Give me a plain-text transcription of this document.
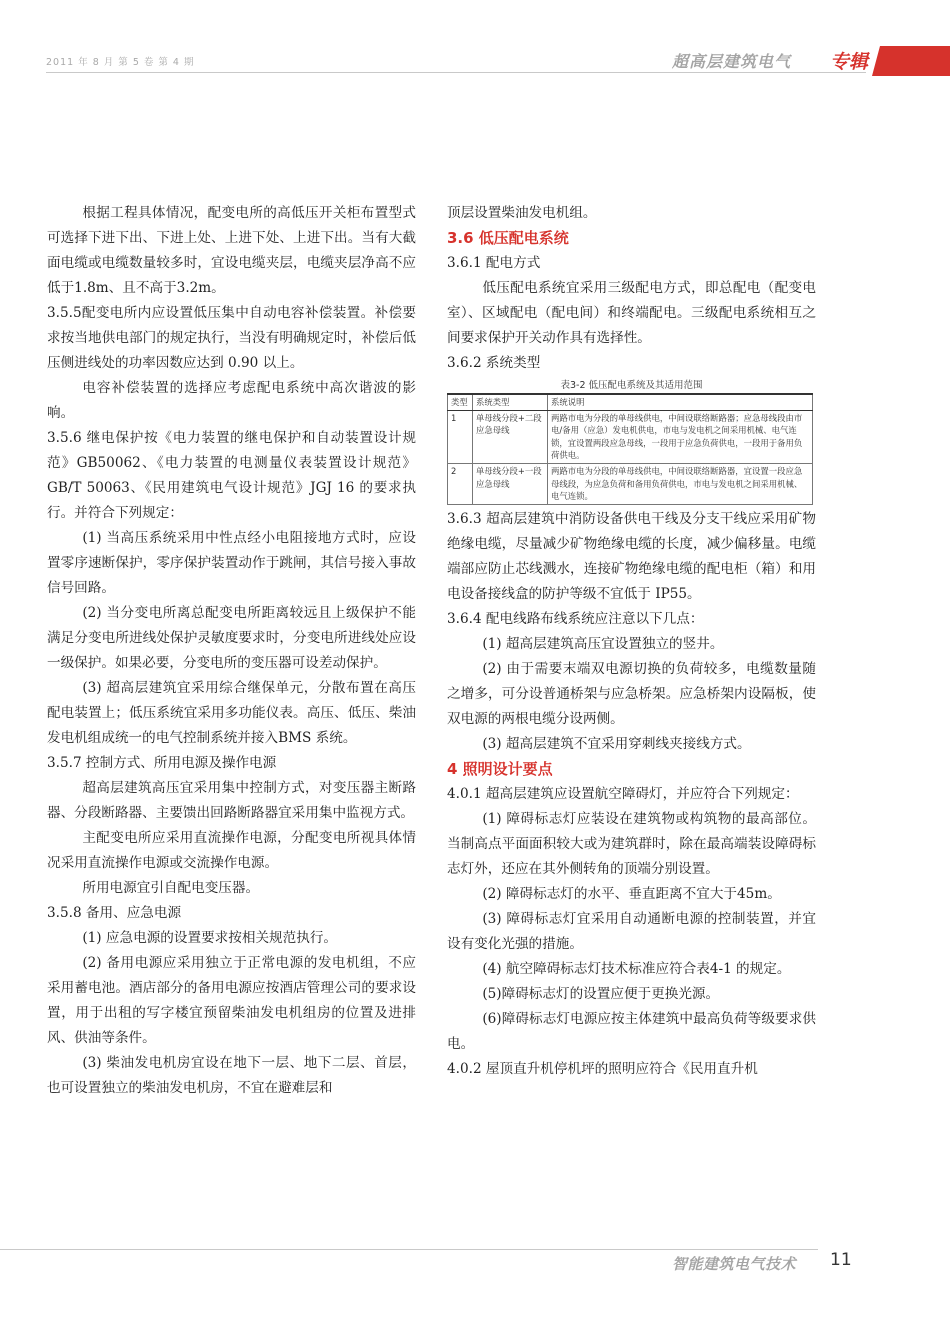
2011 年 8 月 第 5 卷 第 4 期	超高层建筑电气 专辑

根据工程具体情况，配变电所的高低压开关柜布置型式可选择下进下出、下进上处、上进下处、上进下出。当有大截面电缆或电缆数量较多时，宜设电缆夹层，电缆夹层净高不应低于1.8m、且不高于3.2m。

3.5.5配变电所内应设置低压集中自动电容补偿装置。补偿要求按当地供电部门的规定执行，当没有明确规定时，补偿后低压侧进线处的功率因数应达到 0.90 以上。

电容补偿装置的选择应考虑配电系统中高次谐波的影响。

3.5.6 继电保护按《电力装置的继电保护和自动装置设计规范》GB50062、《电力装置的电测量仪表装置设计规范》GB/T 50063、《民用建筑电气设计规范》JGJ 16 的要求执行。并符合下列规定：

(1) 当高压系统采用中性点经小电阻接地方式时，应设置零序速断保护，零序保护装置动作于跳闸，其信号接入事故信号回路。

(2) 当分变电所离总配变电所距离较远且上级保护不能满足分变电所进线处保护灵敏度要求时，分变电所进线处应设一级保护。如果必要，分变电所的变压器可设差动保护。

(3) 超高层建筑宜采用综合继保单元，分散布置在高压配电装置上；低压系统宜采用多功能仪表。高压、低压、柴油发电机组成统一的电气控制系统并接入BMS 系统。

3.5.7 控制方式、所用电源及操作电源

超高层建筑高压宜采用集中控制方式，对变压器主断路器、分段断路器、主要馈出回路断路器宜采用集中监视方式。

主配变电所应采用直流操作电源，分配变电所视具体情况采用直流操作电源或交流操作电源。

所用电源宜引自配电变压器。

3.5.8 备用、应急电源

(1) 应急电源的设置要求按相关规范执行。

(2) 备用电源应采用独立于正常电源的发电机组，不应采用蓄电池。酒店部分的备用电源应按酒店管理公司的要求设置，用于出租的写字楼宜预留柴油发电机组房的位置及进排风、供油等条件。

(3) 柴油发电机房宜设在地下一层、地下二层、首层，也可设置独立的柴油发电机房，不宜在避难层和

顶层设置柴油发电机组。

3.6 低压配电系统

3.6.1 配电方式

低压配电系统宜采用三级配电方式，即总配电（配变电室）、区域配电（配电间）和终端配电。三级配电系统相互之间要求保护开关动作具有选择性。

3.6.2 系统类型

表3-2 低压配电系统及其适用范围
类型	系统类型	系统说明
1	单母线分段+二段应急母线	两路市电为分段的单母线供电，中间设联络断路器；应急母线段由市电/备用（应急）发电机供电，市电与发电机之间采用机械、电气连锁，宜设置两段应急母线，一段用于应急负荷供电，一段用于备用负荷供电。
2	单母线分段+一段应急母线	两路市电为分段的单母线供电，中间设联络断路器，宜设置一段应急母线段，为应急负荷和备用负荷供电，市电与发电机之间采用机械、电气连锁。

3.6.3 超高层建筑中消防设备供电干线及分支干线应采用矿物绝缘电缆，尽量减少矿物绝缘电缆的长度，减少偏移量。电缆端部应防止芯线溅水，连接矿物绝缘电缆的配电柜（箱）和用电设备接线盒的防护等级不宜低于 IP55。

3.6.4 配电线路布线系统应注意以下几点：

(1) 超高层建筑高压宜设置独立的竖井。

(2) 由于需要末端双电源切换的负荷较多，电缆数量随之增多，可分设普通桥架与应急桥架。应急桥架内设隔板，使双电源的两根电缆分设两侧。

(3) 超高层建筑不宜采用穿刺线夹接线方式。

4 照明设计要点

4.0.1 超高层建筑应设置航空障碍灯，并应符合下列规定：

(1) 障碍标志灯应装设在建筑物或构筑物的最高部位。当制高点平面面积较大或为建筑群时，除在最高端装设障碍标志灯外，还应在其外侧转角的顶端分别设置。

(2) 障碍标志灯的水平、垂直距离不宜大于45m。

(3) 障碍标志灯宜采用自动通断电源的控制装置，并宜设有变化光强的措施。

(4) 航空障碍标志灯技术标准应符合表4-1 的规定。

(5)障碍标志灯的设置应便于更换光源。

(6)障碍标志灯电源应按主体建筑中最高负荷等级要求供电。

4.0.2 屋顶直升机停机坪的照明应符合《民用直升机

智能建筑电气技术 11
